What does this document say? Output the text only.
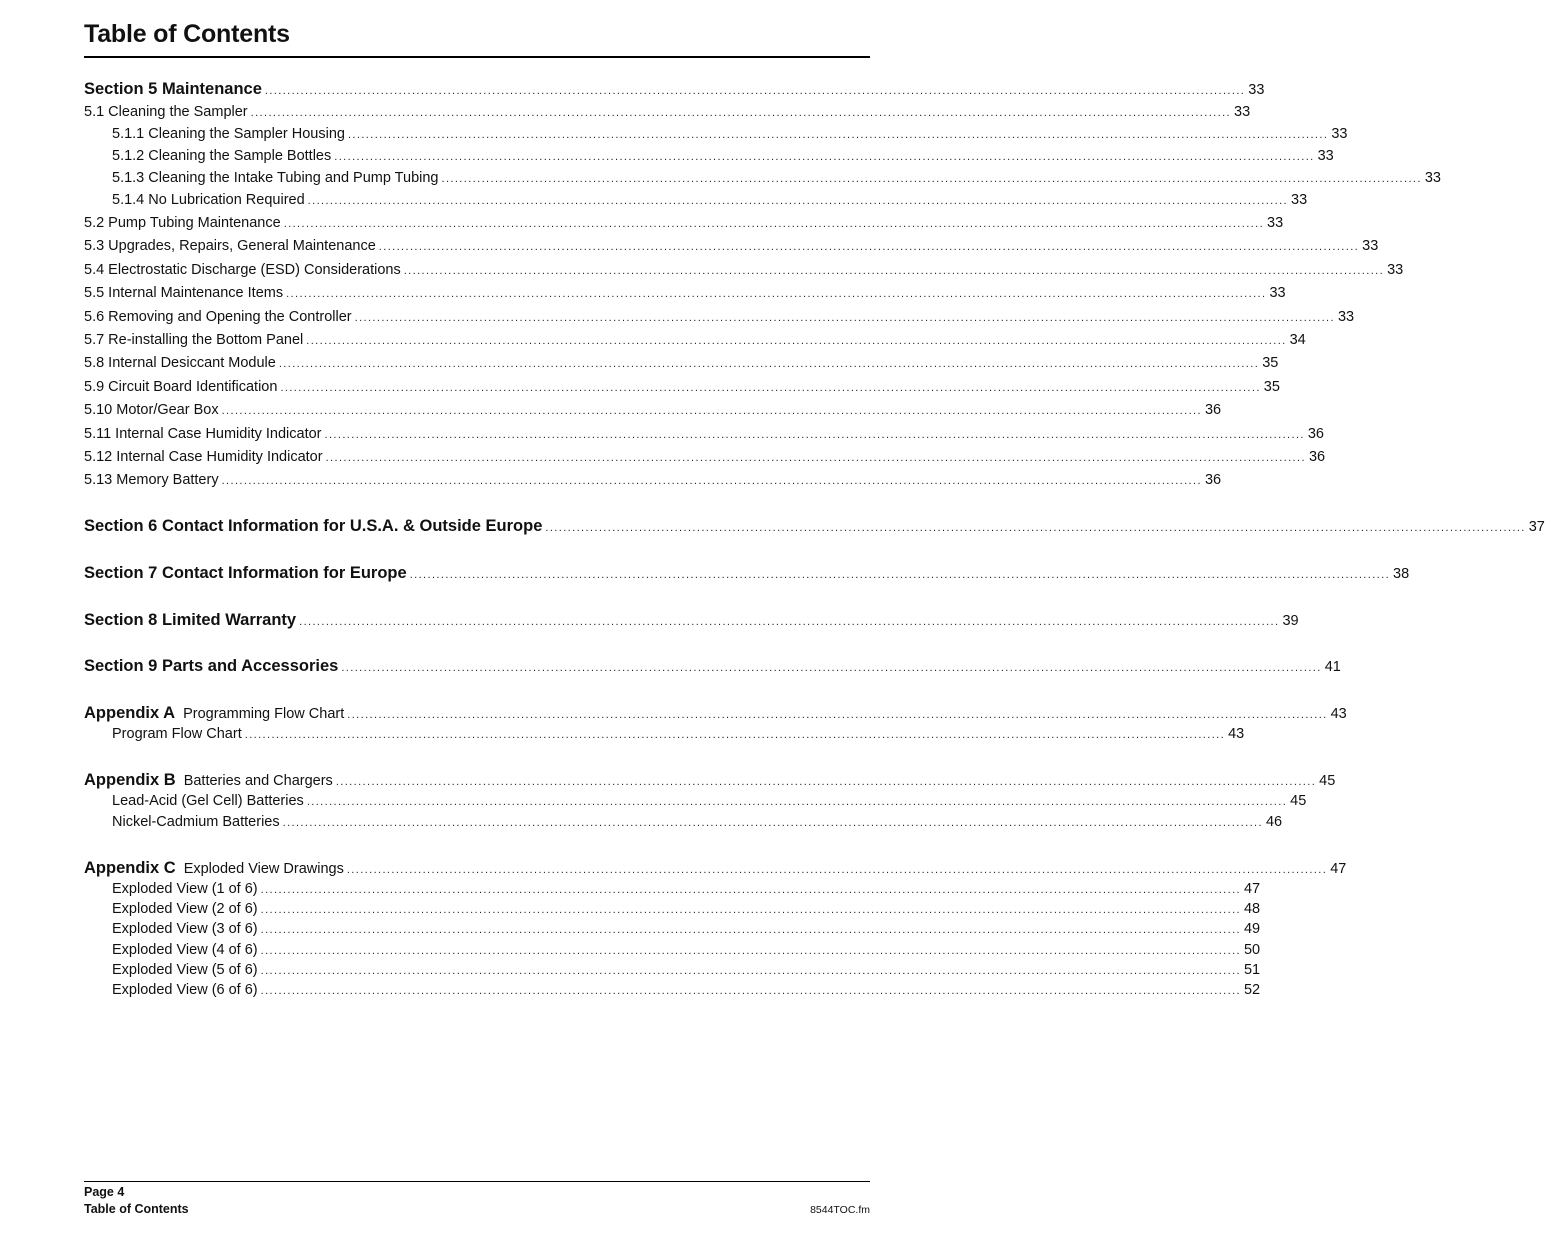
Table of Contents
Section 5 Maintenance ............................................................................................................................................................................................................................ 33
5.1 Cleaning the Sampler ............................................................................................................................................................................................................................ 33
5.1.1 Cleaning the Sampler Housing ............................................................................................................................................................................................................................ 33
5.1.2 Cleaning the Sample Bottles ............................................................................................................................................................................................................................ 33
5.1.3 Cleaning the Intake Tubing and Pump Tubing ............................................................................................................................................................................................................................ 33
5.1.4 No Lubrication Required ............................................................................................................................................................................................................................ 33
5.2 Pump Tubing Maintenance ............................................................................................................................................................................................................................ 33
5.3 Upgrades, Repairs, General Maintenance ............................................................................................................................................................................................................................ 33
5.4 Electrostatic Discharge (ESD) Considerations ............................................................................................................................................................................................................................ 33
5.5 Internal Maintenance Items ............................................................................................................................................................................................................................ 33
5.6 Removing and Opening the Controller ............................................................................................................................................................................................................................ 33
5.7 Re-installing the Bottom Panel ............................................................................................................................................................................................................................ 34
5.8 Internal Desiccant Module ............................................................................................................................................................................................................................ 35
5.9 Circuit Board Identification ............................................................................................................................................................................................................................ 35
5.10 Motor/Gear Box ............................................................................................................................................................................................................................ 36
5.11 Internal Case Humidity Indicator ............................................................................................................................................................................................................................ 36
5.12 Internal Case Humidity Indicator ............................................................................................................................................................................................................................ 36
5.13 Memory Battery ............................................................................................................................................................................................................................ 36
Section 6 Contact Information for U.S.A. & Outside Europe ............................................................................................................................................................................................................................ 37
Section 7 Contact Information for Europe ............................................................................................................................................................................................................................ 38
Section 8 Limited Warranty ............................................................................................................................................................................................................................ 39
Section 9 Parts and Accessories ............................................................................................................................................................................................................................ 41
Appendix A Programming Flow Chart ............................................................................................................................................................................................................................ 43
Program Flow Chart ............................................................................................................................................................................................................................ 43
Appendix B Batteries and Chargers ............................................................................................................................................................................................................................ 45
Lead-Acid (Gel Cell) Batteries ............................................................................................................................................................................................................................ 45
Nickel-Cadmium Batteries ............................................................................................................................................................................................................................ 46
Appendix C Exploded View Drawings ............................................................................................................................................................................................................................ 47
Exploded View (1 of 6) ............................................................................................................................................................................................................................ 47
Exploded View (2 of 6) ............................................................................................................................................................................................................................ 48
Exploded View (3 of 6) ............................................................................................................................................................................................................................ 49
Exploded View (4 of 6) ............................................................................................................................................................................................................................ 50
Exploded View (5 of 6) ............................................................................................................................................................................................................................ 51
Exploded View (6 of 6) ............................................................................................................................................................................................................................ 52
Page 4
Table of Contents	8544TOC.fm
